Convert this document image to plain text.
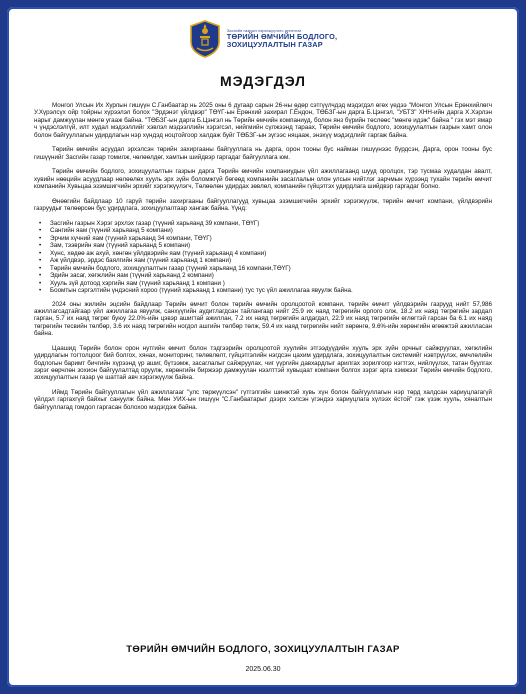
Засгийн газрын хэрэгжүүлэгч агентлаг
ТӨРИЙН ӨМЧИЙН БОДЛОГО,
ЗОХИЦУУЛАЛТЫН ГАЗАР
МЭДЭГДЭЛ

Монгол Улсын Их Хурлын гишүүн С.Ганбаатар нь 2025 оны 6 дугаар сарын 26-ны өдөр сэтгүүлчдэд мэдэгдэл өгөх үедээ "Монгол Улсын Ерөнхийлөгч У.Хүрэлсүх ойр тойрны хүрээлэл болох "Эрдэнэт үйлдвэр" ТӨҮГ-ын Ерөнхий захирал Г.Ёндон, ТӨБЗГ-ын дарга Б.Цэнгэл, "УБТЗ" ХНН-ийн дарга Х.Хэрлэн нарыг дамжуулан мөнгө угааж байна. "ТӨБЗГ-ын дарга Б.Цэнгэл нь Төрийн өмчийн компаниуд, болон янз бүрийн төслөөс "мөнгө идэж" байна " гэх мэт ямар ч үндэслэлгүй, илт худал мэдээллийг хэвлэл мэдээллийн хэрэгсэл, нийгмийн сүлжээнд тараах, Төрийн өмчийн бодлого, зохицуулалтын газрын хамт олон болон байгууллагын удирдлагын нэр хүндэд ноцтойгоор халдаж буйг ТӨБЗГ-ын зүгээс няцааж, энэхүү мэдэгдлийг гаргаж байна.

Төрийн өмчийн асуудал эрхэлсэн төрийн захиргааны байгууллага нь дарга, орон тооны бус найман гишүүнээс бүрдсэн, Дарга, орон тооны бус гишүүнийг Засгийн газар томилж, чөлөөлдөг, хамтын шийдвэр гаргадаг байгууллага юм.

Төрийн өмчийн бодлого, зохицуулалтын газрын дарга Төрийн өмчийн компаниудын үйл ажиллагаанд шууд оролцох, тэр тусмаа худалдан авалт, хувийн нөөцийн асуудлаар нөлөөлөх хууль эрх зүйн боломжгүй бөгөөд компанийн засаглалын олон улсын нийтлэг зарчмын хүрээнд тухайн төрийн өмчит компанийн Хувьцаа эзэмшигчийн эрхийг хэрэгжүүлэгч, Төлөөлөн удирдах зөвлөл, компанийн гүйцэтгэх удирдлага шийдвэр гаргадаг болно.

Өнөөгийн байдлаар 10 гаруй төрийн захиргааны байгууллагууд хувьцаа эзэмшигчийн эрхийг хэрэгжүүлж, төрийн өмчит компани, үйлдвэрийн газруудыг төлөөрсөн бус удирдлага, зохицуулалтаар хангаж байна. Үүнд:

• Засгийн газрын Хэрэг эрхлэх газар (түүний харьяанд 39 компани, ТӨҮГ)
• Сангийн яам (түүний харьяанд 5 компани)
• Эрчим хүчний яам (түүний харьяанд 34 компани, ТӨҮГ)
• Зам, тээврийн яам (түүний харьяанд 5 компани)
• Хүнс, хөдөө аж ахуй, хөнгөн үйлдвэрийн яам (түүний харьяанд 4 компани)
• Аж үйлдвэр, эрдэс баялгийн яам (түүний харьяанд 1 компани)
• Төрийн өмчийн бодлого, зохицуулалтын газар (түүний харьяанд 16 компани,ТӨҮГ)
• Эдийн засаг, хөгжлийн яам (түүний харьяанд 2 компани)
• Хууль зүй дотоод хэргийн яам (түүний харьяанд 1 компани )
• Боомтын сэргэлтийн үндэсний хороо (түүний харьяанд 1 компани) тус тус үйл ажиллагаа явуулж байна.

2024 оны жилийн эцсийн байдлаар Төрийн өмчит болон төрийн өмчийн оролцоотой компани, төрийн өмчит үйлдвэрийн газрууд нийт 57,986 ажиллагсадтайгаар үйл ажиллагаа явуулж, санхүүгийн аудитлагдсан тайлангаар нийт 25.9 их наяд төгрөгийн орлого олж, 18.2 их наяд төгрөгийн зардал гарган, 5.7 их наяд төгрөг буюу 22.0%-ийн цэвэр ашигтай ажиллан, 7.2 их наяд төгрөгийн алдагдал, 22.9 их наяд төгрөгийн өглөгтэй гарсан ба 6.1 их наяд төгрөгийн тесвийн төлбөр, 3.6 их наяд төгрөгийн ногдол ашгийн төлбөр төлж, 59.4 их наяд төгрөгийн нийт хөрөнгө, 9.6%-ийн хөрөнгийн өгөөжтэй ажилласан байна.

Цаашид Төрийн болон орон нутгийн өмчит болон тэдгээрийн оролцоотой хуулийн этгээдүүдийн хууль эрх зүйн орчныг сайжруулах, хөгжлийн удирдлагын тогтолцоог бий болгох, хянах, мониторинг, төлөвлөлт, гүйцэтгэлийн нэгдсэн цахим удирдлага, зохицуулалтын системийг нэвтрүүлэх, өмчлөлийн бодлогын баримт бичгийн хүрээнд үр ашиг, бүтээмж, засаглалыг сайжруулах, чиг үүргийн давхардлыг арилгах зорилгоор нэгтгэх, нийлүүлэх, татан буулгах зэрэг өөрчлөн зохион байгуулалтад оруулж, хөрөнгийн биржээр дамжуулан нээлттэй хувьцаат компани болгох зэрэг арга хэмжээг Төрийн өмчийн бодлого, зохицуулалтын газар үе шаттай авч хэрэгжүүлж байна.

Иймд Төрийн байгууллагын үйл ажиллагааг "улс төржүүлсэн" гүтгэлгийн шинжтэй хувь хүн болон байгууллагын нэр төрд халдсан хариуцлагагүй үйлдэл гаргахгүй байхыг сануулж байна. Мөн УИХ-ын гишүүн "С.Ганбаатарыг дээрх хэлсэн үгэндээ хариуцлага хүлээх ёстой" гэж үзэж хууль, хяналтын байгууллагад гомдол гаргасан болохоо мэдэгдэж байна.

ТӨРИЙН ӨМЧИЙН БОДЛОГО, ЗОХИЦУУЛАЛТЫН ГАЗАР
2025.06.30
